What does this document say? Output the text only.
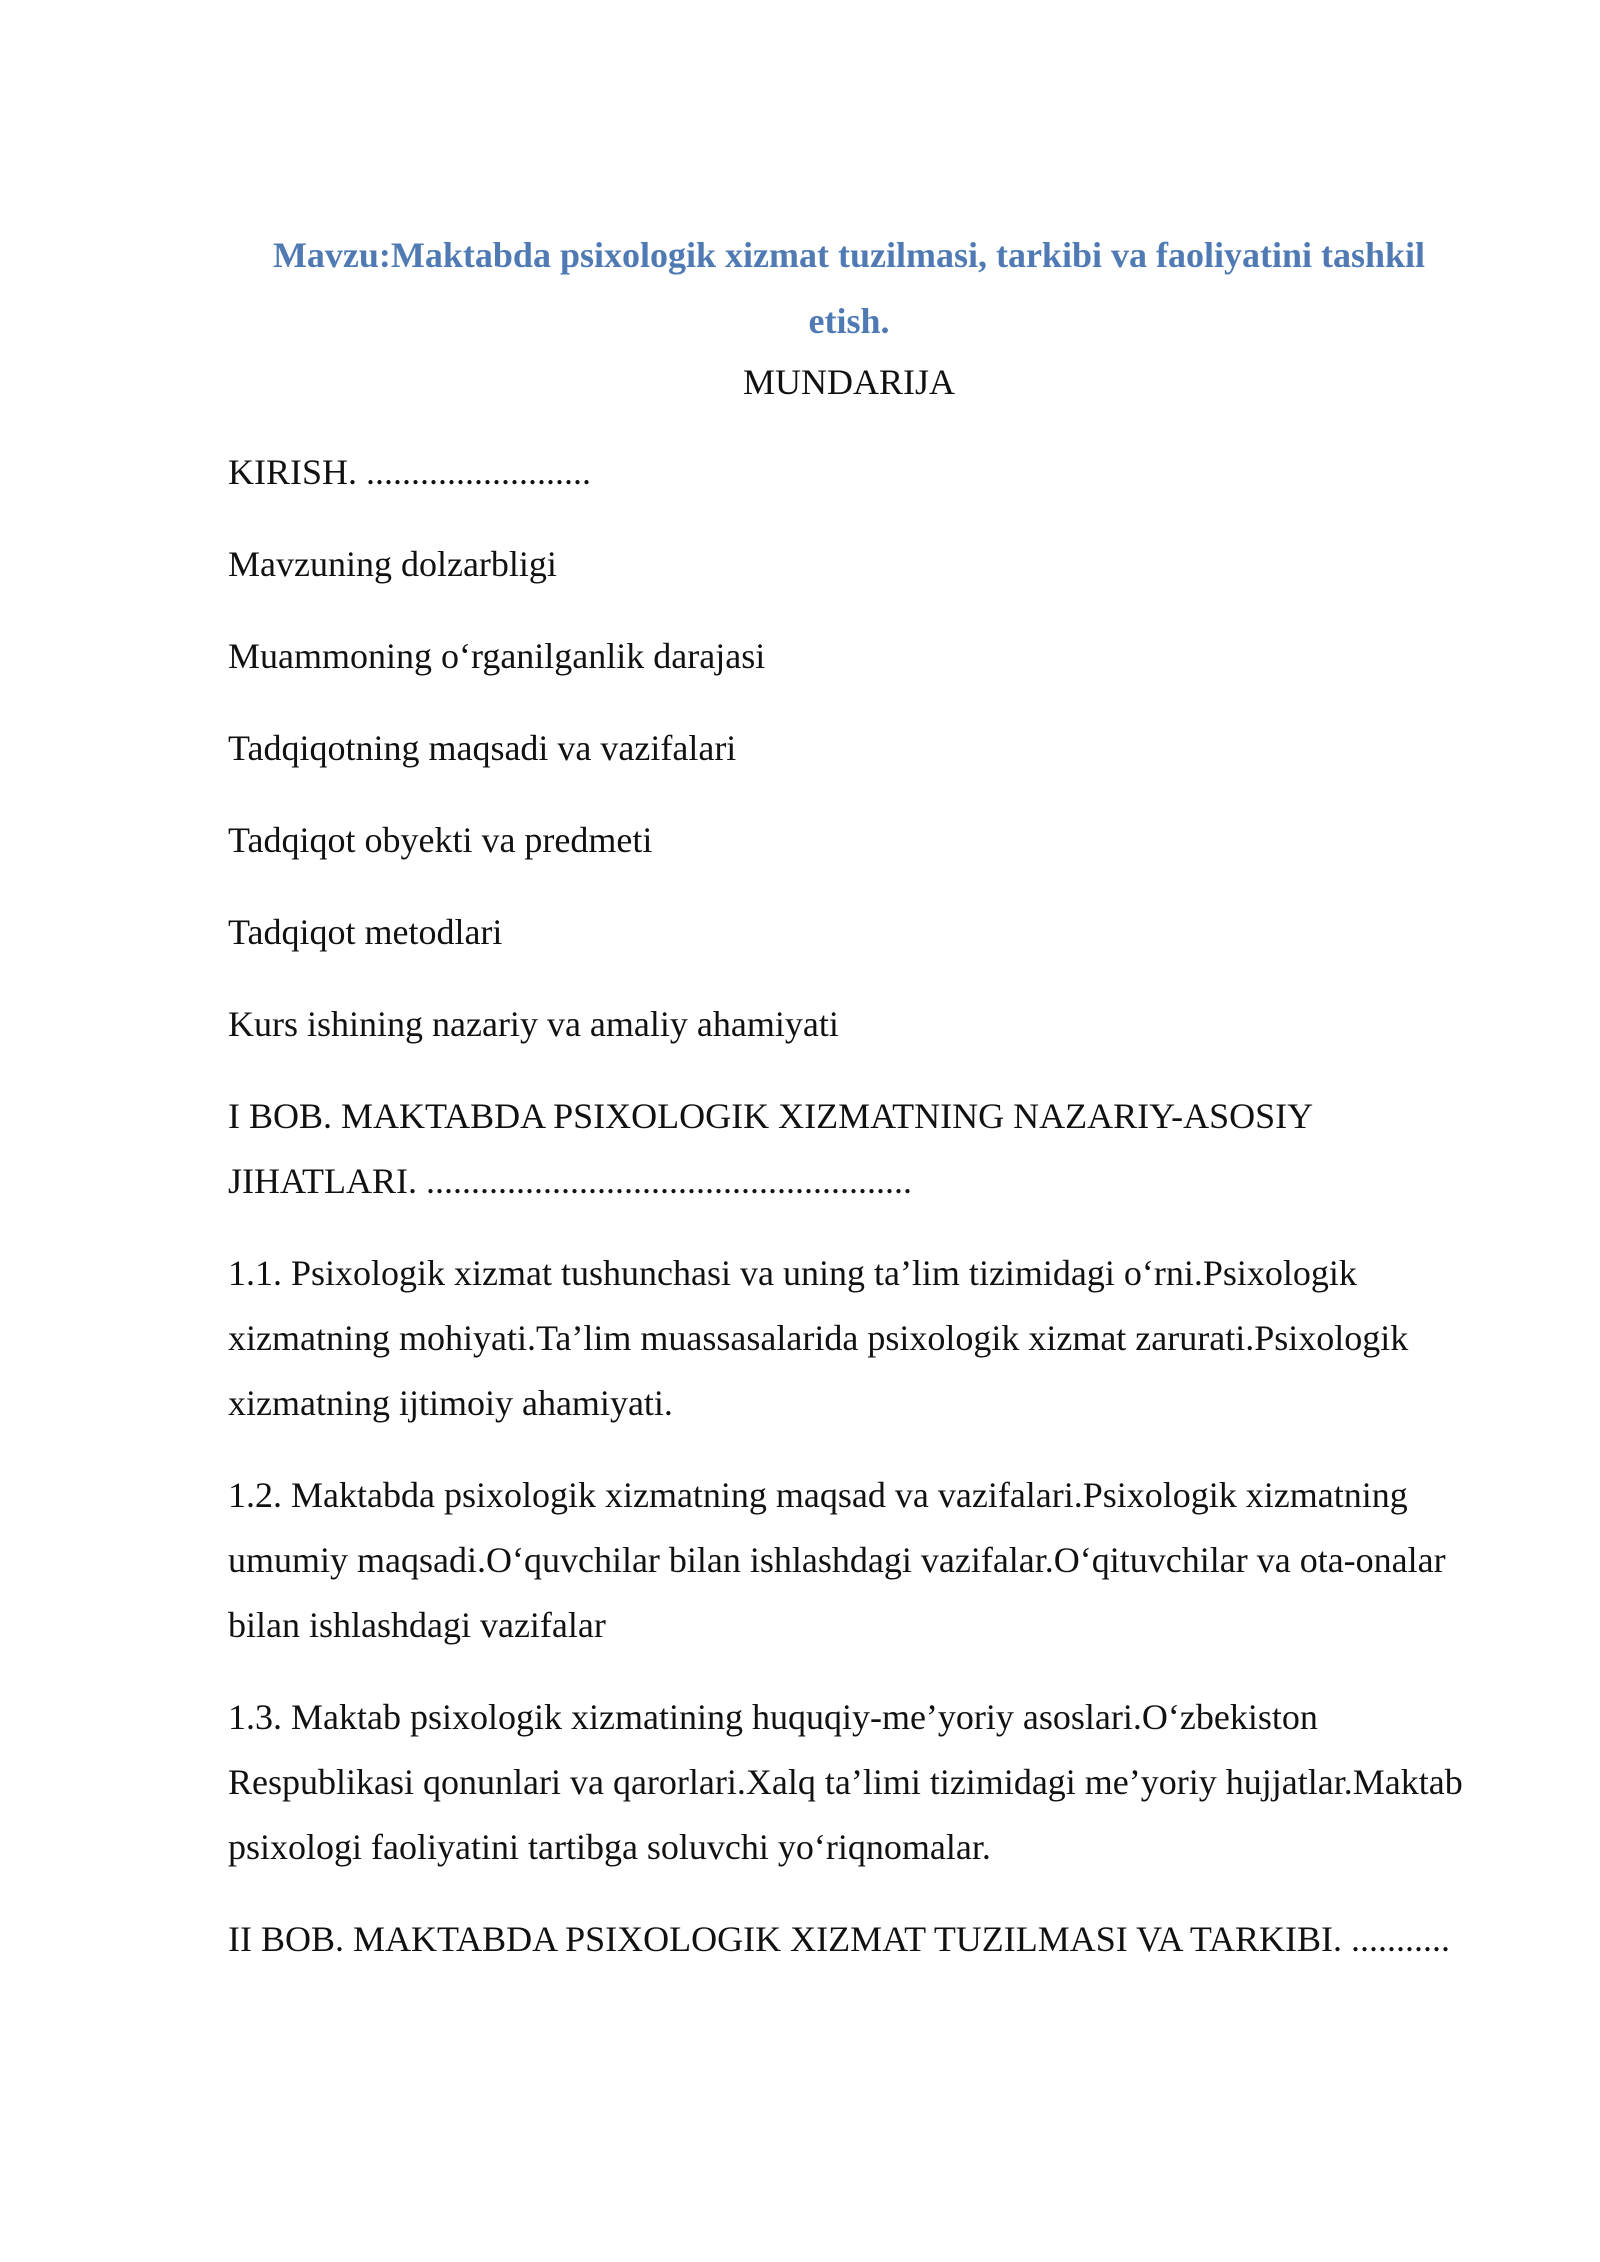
Mavzu:Maktabda psixologik xizmat tuzilmasi, tarkibi va faoliyatini tashkil etish.

MUNDARIJA

KIRISH. .........................
Mavzuning dolzarbligi
Muammoning o‘rganilganlik darajasi
Tadqiqotning maqsadi va vazifalari
Tadqiqot obyekti va predmeti
Tadqiqot metodlari
Kurs ishining nazariy va amaliy ahamiyati
I BOB. MAKTABDA PSIXOLOGIK XIZMATNING NAZARIY-ASOSIY JIHATLARI. ......................................................
1.1. Psixologik xizmat tushunchasi va uning ta’lim tizimidagi o‘rni.Psixologik xizmatning mohiyati.Ta’lim muassasalarida psixologik xizmat zarurati.Psixologik xizmatning ijtimoiy ahamiyati.
1.2. Maktabda psixologik xizmatning maqsad va vazifalari.Psixologik xizmatning umumiy maqsadi.O‘quvchilar bilan ishlashdagi vazifalar.O‘qituvchilar va ota-onalar bilan ishlashdagi vazifalar
1.3. Maktab psixologik xizmatining huquqiy-me’yoriy asoslari.O‘zbekiston Respublikasi qonunlari va qarorlari.Xalq ta’limi tizimidagi me’yoriy hujjatlar.Maktab psixologi faoliyatini tartibga soluvchi yo‘riqnomalar.
II BOB. MAKTABDA PSIXOLOGIK XIZMAT TUZILMASI VA TARKIBI. ...........
